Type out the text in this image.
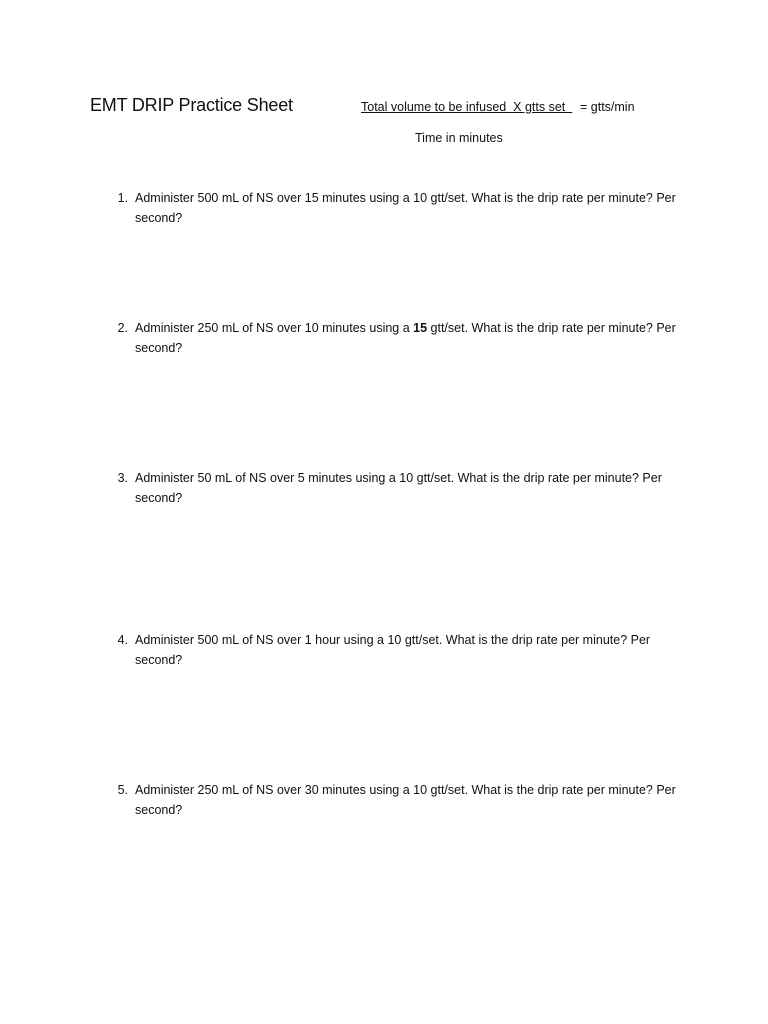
EMT DRIP Practice Sheet	Total volume to be infused  X gtts set = gtts/min
Time in minutes
1. Administer 500 mL of NS over 15 minutes using a 10 gtt/set. What is the drip rate per minute? Per second?
2. Administer 250 mL of NS over 10 minutes using a 15 gtt/set. What is the drip rate per minute? Per second?
3. Administer 50 mL of NS over 5 minutes using a 10 gtt/set. What is the drip rate per minute? Per second?
4. Administer 500 mL of NS over 1 hour using a 10 gtt/set. What is the drip rate per minute? Per second?
5. Administer 250 mL of NS over 30 minutes using a 10 gtt/set. What is the drip rate per minute? Per second?
